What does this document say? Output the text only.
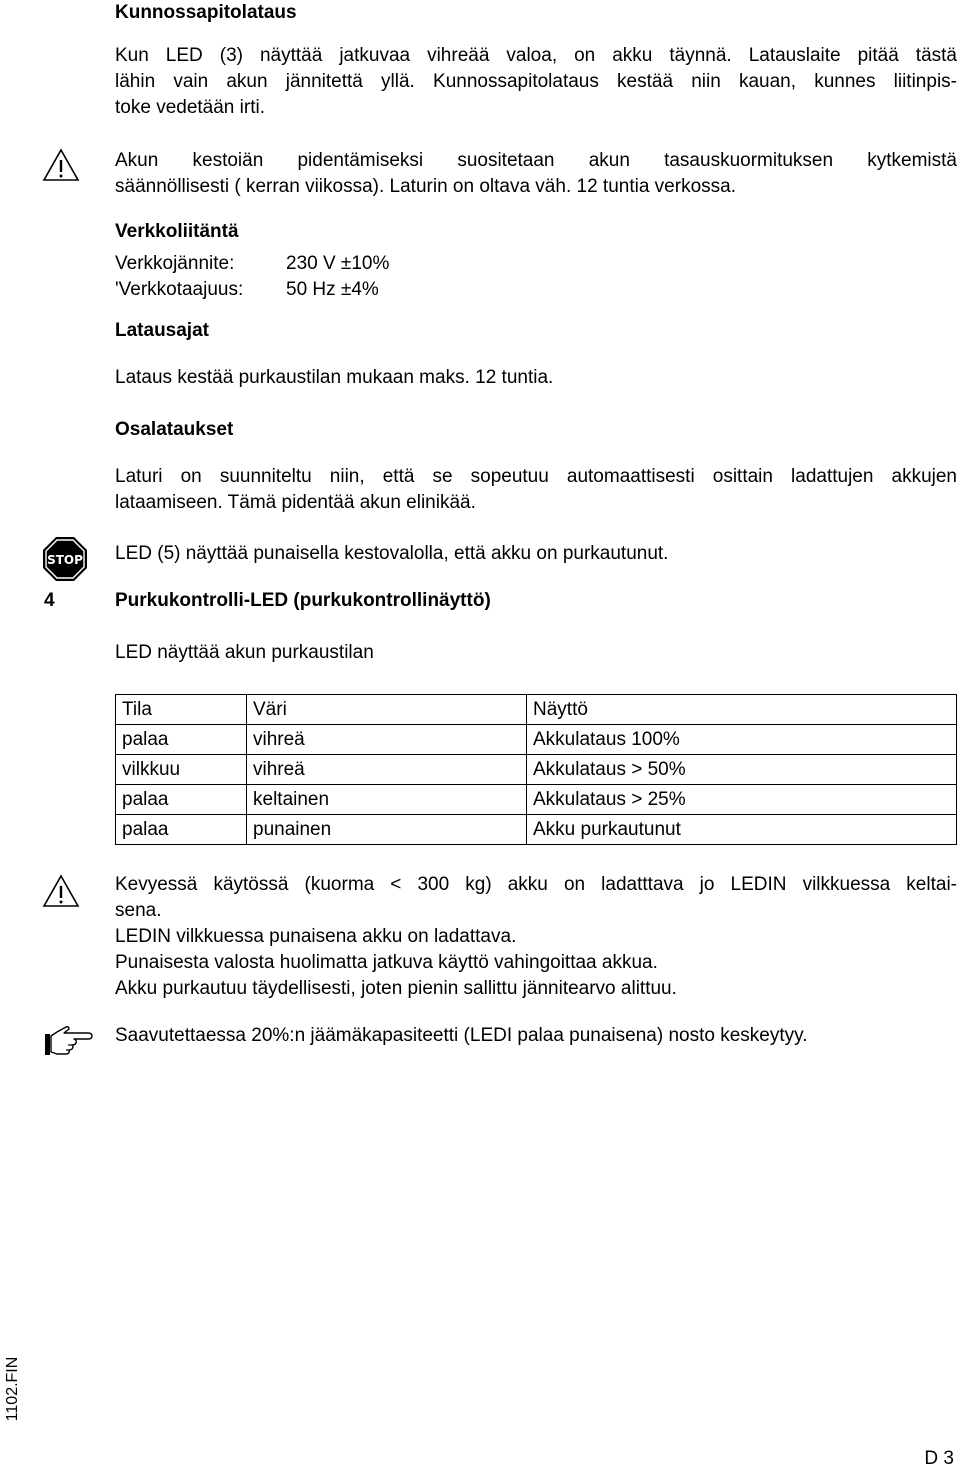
Kunnossapitolataus
Kun LED (3) näyttää jatkuvaa vihreää valoa, on akku täynnä. Latauslaite pitää tästä
lähin vain akun jännitettä yllä. Kunnossapitolataus kestää niin kauan, kunnes liitinpis-
toke vedetään irti.
Akun kestoiän pidentämiseksi suositetaan akun tasauskuormituksen kytkemistä
säännöllisesti ( kerran viikossa). Laturin on oltava väh. 12 tuntia verkossa.
Verkkoliitäntä
Verkkojännite:	230 V ±10%
'Verkkotaajuus: 50 Hz ±4%
Latausajat
Lataus kestää purkaustilan mukaan maks. 12 tuntia.
Osalataukset
Laturi on suunniteltu niin, että se sopeutuu automaattisesti osittain ladattujen akkujen
lataamiseen. Tämä pidentää akun elinikää.
STOP LED (5) näyttää punaisella kestovalolla, että akku on purkautunut.
4	Purkukontrolli-LED (purkukontrollinäyttö)
LED näyttää akun purkaustilan
Tila	Väri	Näyttö
palaa	vihreä	Akkulataus 100%
vilkkuu	vihreä	Akkulataus > 50%
palaa	keltainen	Akkulataus > 25%
palaa	punainen	Akku purkautunut
Kevyessä käytössä (kuorma < 300 kg) akku on ladatttava jo LEDIN vilkkuessa keltai-
sena.
LEDIN vilkkuessa punaisena akku on ladattava.
Punaisesta valosta huolimatta jatkuva käyttö vahingoittaa akkua.
Akku purkautuu täydellisesti, joten pienin sallittu jännitearvo alittuu.
Saavutettaessa 20%:n jäämäkapasiteetti (LEDI palaa punaisena) nosto keskeytyy.
1102.FIN
D 3
